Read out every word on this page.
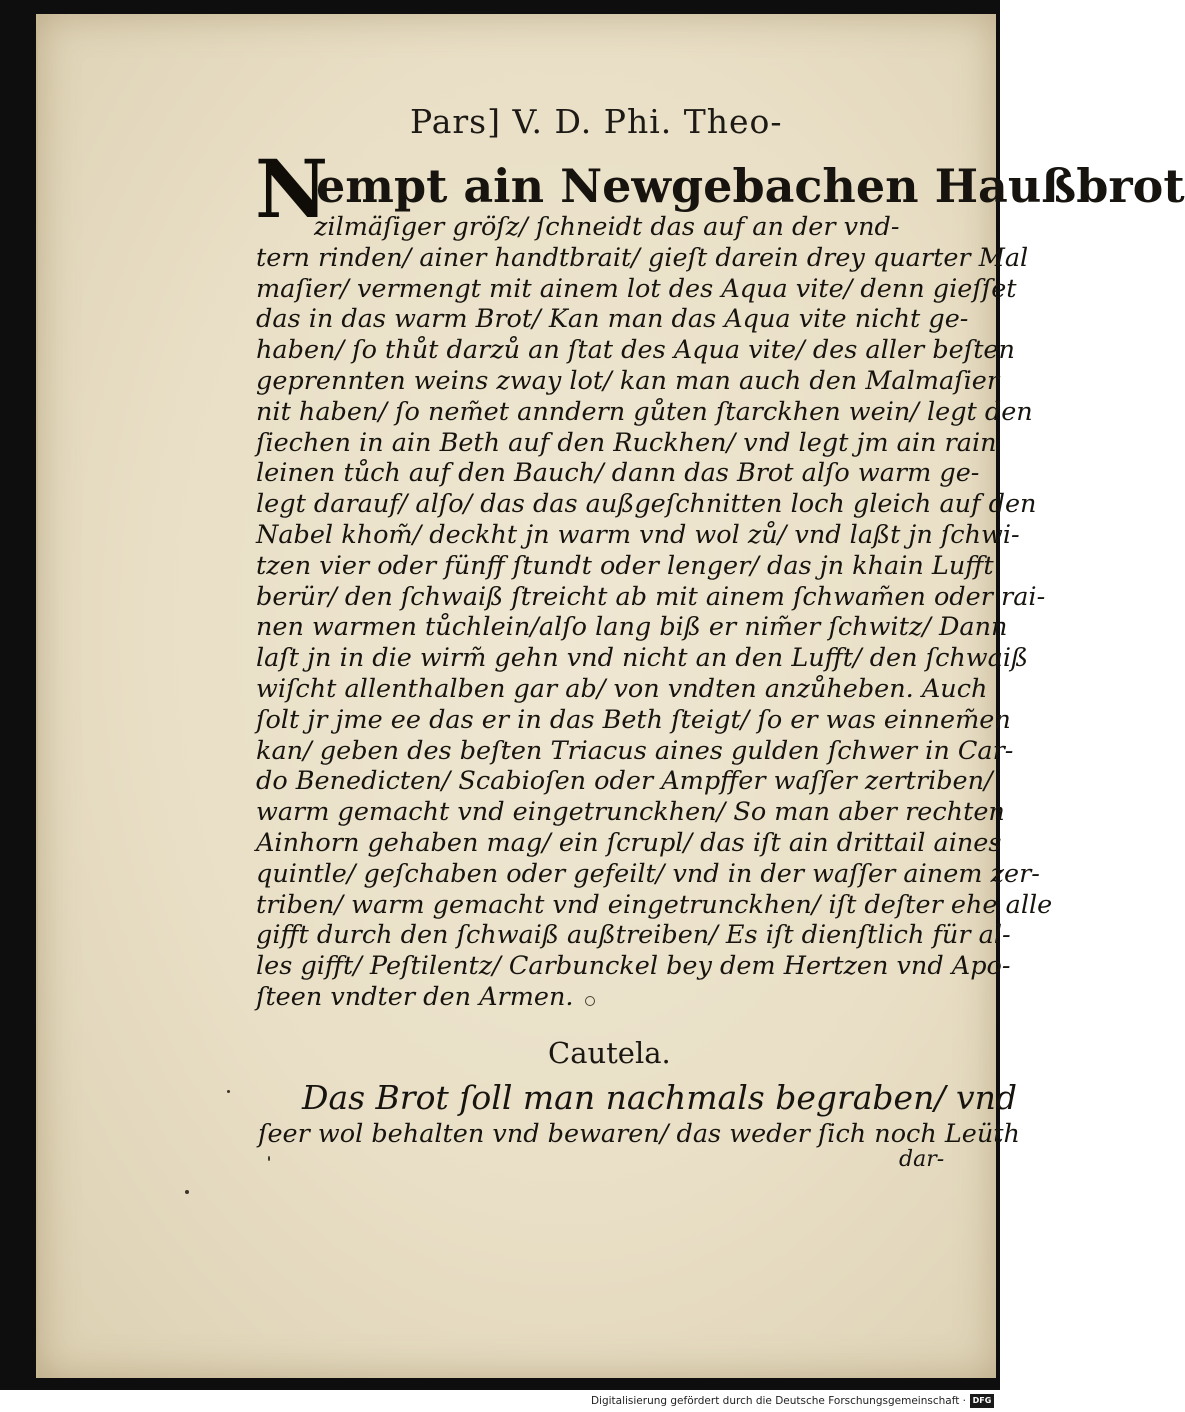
Pars] V. D. Phi. Theo-
N
empt ain Newgebachen Haußbrot
zilmäſiger gröſz/ ſchneidt das auf an der vnd-
tern rinden/ ainer handtbrait/ gieſt darein drey quarter Mal
maſier/ vermengt mit ainem lot des Aqua vite/ denn gieſſet
das in das warm Brot/ Kan man das Aqua vite nicht ge-
haben/ ſo thůt darzů an ſtat des Aqua vite/ des aller beſten
geprennten weins zway lot/ kan man auch den Malmaſier
nit haben/ ſo nem̃et anndern gůten ſtarckhen wein/ legt den
ſiechen in ain Beth auf den Ruckhen/ vnd legt jm ain rain
leinen tůch auf den Bauch/ dann das Brot alſo warm ge-
legt darauf/ alſo/ das das außgeſchnitten loch gleich auf den
Nabel khom̃/ deckht jn warm vnd wol zů/ vnd laßt jn ſchwi-
tzen vier oder fünff ſtundt oder lenger/ das jn khain Lufft
berür/ den ſchwaiß ſtreicht ab mit ainem ſchwam̃en oder rai-
nen warmen tůchlein/alſo lang biß er nim̃er ſchwitz/ Dann
laſt jn in die wirm̃ gehn vnd nicht an den Lufft/ den ſchwaiß
wiſcht allenthalben gar ab/ von vndten anzůheben. Auch
ſolt jr jme ee das er in das Beth ſteigt/ ſo er was einnem̃en
kan/ geben des beſten Triacus aines gulden ſchwer in Car-
do Benedicten/ Scabioſen oder Ampffer waſſer zertriben/
warm gemacht vnd eingetrunckhen/ So man aber rechten
Ainhorn gehaben mag/ ein ſcrupl/ das iſt ain drittail aines
quintle/ geſchaben oder gefeilt/ vnd in der waſſer ainem zer-
triben/ warm gemacht vnd eingetrunckhen/ iſt deſter ehe alle
gifft durch den ſchwaiß außtreiben/ Es iſt dienſtlich für al-
les gifft/ Peſtilentz/ Carbunckel bey dem Hertzen vnd Apo-
ſteen vndter den Armen.
Cautela.
Das Brot ſoll man nachmals begraben/ vnd
ſeer wol behalten vnd bewaren/ das weder ſich noch Leüth
dar-
Digitalisierung gefördert durch die Deutsche Forschungsgemeinschaft · DFG
